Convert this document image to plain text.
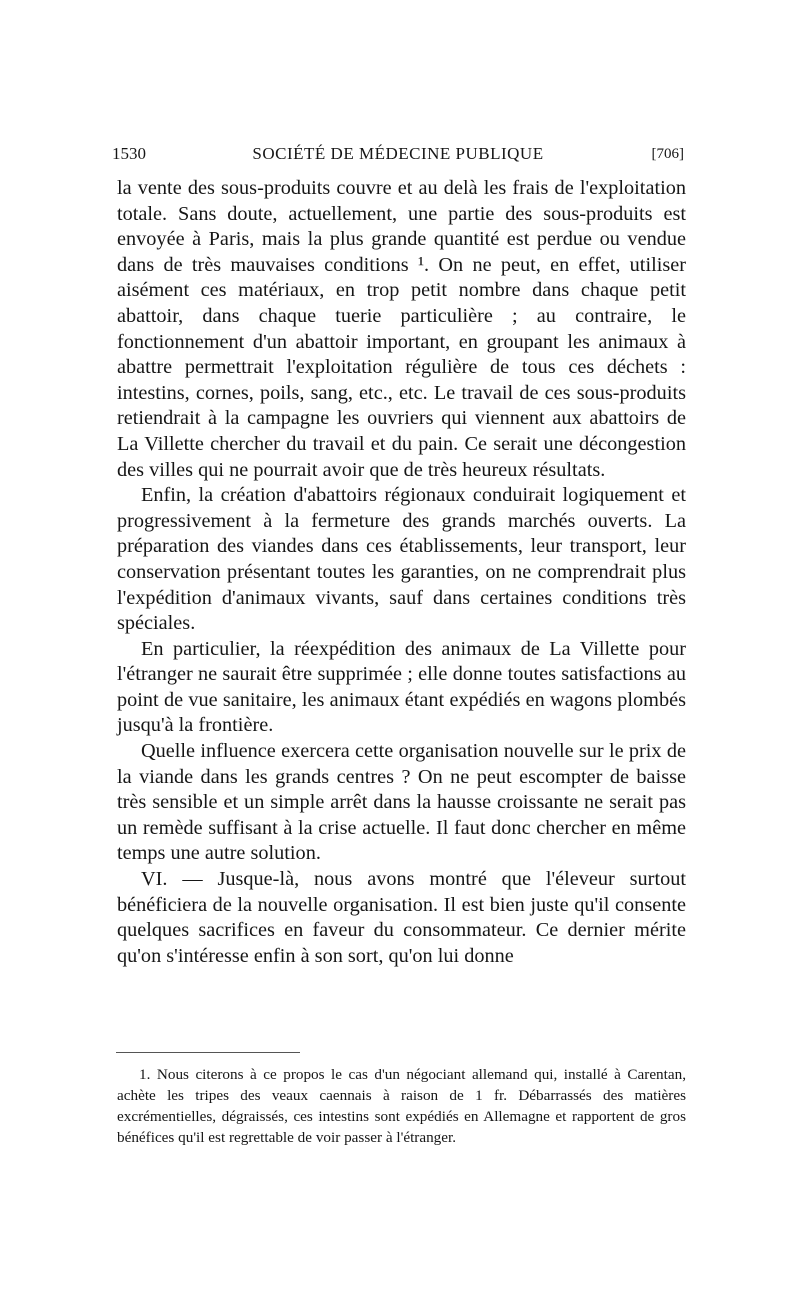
1530	SOCIÉTÉ DE MÉDECINE PUBLIQUE	[706]

la vente des sous-produits couvre et au delà les frais de l'exploitation totale. Sans doute, actuellement, une partie des sous-produits est envoyée à Paris, mais la plus grande quantité est perdue ou vendue dans de très mauvaises conditions ¹. On ne peut, en effet, utiliser aisément ces matériaux, en trop petit nombre dans chaque petit abattoir, dans chaque tuerie particulière ; au contraire, le fonctionnement d'un abattoir important, en groupant les animaux à abattre permettrait l'exploitation régulière de tous ces déchets : intestins, cornes, poils, sang, etc., etc. Le travail de ces sous-produits retiendrait à la campagne les ouvriers qui viennent aux abattoirs de La Villette chercher du travail et du pain. Ce serait une décongestion des villes qui ne pourrait avoir que de très heureux résultats.

Enfin, la création d'abattoirs régionaux conduirait logiquement et progressivement à la fermeture des grands marchés ouverts. La préparation des viandes dans ces établissements, leur transport, leur conservation présentant toutes les garanties, on ne comprendrait plus l'expédition d'animaux vivants, sauf dans certaines conditions très spéciales.

En particulier, la réexpédition des animaux de La Villette pour l'étranger ne saurait être supprimée ; elle donne toutes satisfactions au point de vue sanitaire, les animaux étant expédiés en wagons plombés jusqu'à la frontière.

Quelle influence exercera cette organisation nouvelle sur le prix de la viande dans les grands centres ? On ne peut escompter de baisse très sensible et un simple arrêt dans la hausse croissante ne serait pas un remède suffisant à la crise actuelle. Il faut donc chercher en même temps une autre solution.

VI. — Jusque-là, nous avons montré que l'éleveur surtout bénéficiera de la nouvelle organisation. Il est bien juste qu'il consente quelques sacrifices en faveur du consommateur. Ce dernier mérite qu'on s'intéresse enfin à son sort, qu'on lui donne

1. Nous citerons à ce propos le cas d'un négociant allemand qui, installé à Carentan, achète les tripes des veaux caennais à raison de 1 fr. Débarrassés des matières excrémentielles, dégraissés, ces intestins sont expédiés en Allemagne et rapportent de gros bénéfices qu'il est regrettable de voir passer à l'étranger.
